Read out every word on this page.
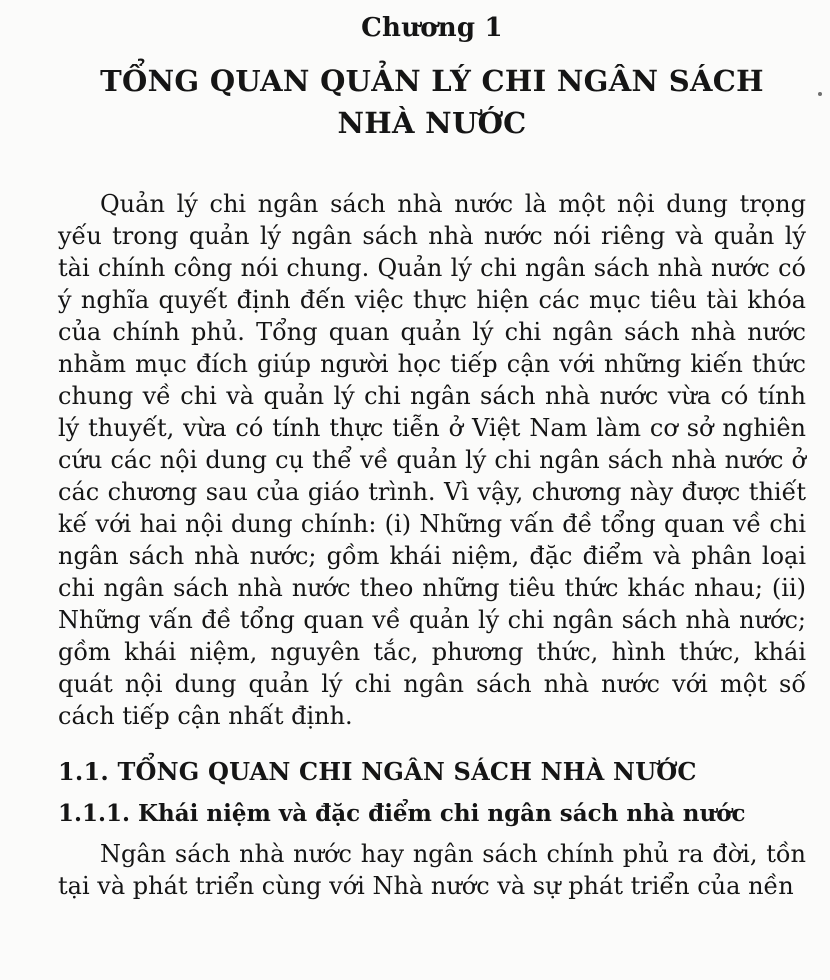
Chương 1
TỔNG QUAN QUẢN LÝ CHI NGÂN SÁCH
NHÀ NƯỚC

Quản lý chi ngân sách nhà nước là một nội dung trọng yếu trong quản lý ngân sách nhà nước nói riêng và quản lý tài chính công nói chung. Quản lý chi ngân sách nhà nước có ý nghĩa quyết định đến việc thực hiện các mục tiêu tài khóa của chính phủ. Tổng quan quản lý chi ngân sách nhà nước nhằm mục đích giúp người học tiếp cận với những kiến thức chung về chi và quản lý chi ngân sách nhà nước vừa có tính lý thuyết, vừa có tính thực tiễn ở Việt Nam làm cơ sở nghiên cứu các nội dung cụ thể về quản lý chi ngân sách nhà nước ở các chương sau của giáo trình. Vì vậy, chương này được thiết kế với hai nội dung chính: (i) Những vấn đề tổng quan về chi ngân sách nhà nước; gồm khái niệm, đặc điểm và phân loại chi ngân sách nhà nước theo những tiêu thức khác nhau; (ii) Những vấn đề tổng quan về quản lý chi ngân sách nhà nước; gồm khái niệm, nguyên tắc, phương thức, hình thức, khái quát nội dung quản lý chi ngân sách nhà nước với một số cách tiếp cận nhất định.

1.1. TỔNG QUAN CHI NGÂN SÁCH NHÀ NƯỚC
1.1.1. Khái niệm và đặc điểm chi ngân sách nhà nước

Ngân sách nhà nước hay ngân sách chính phủ ra đời, tồn tại và phát triển cùng với Nhà nước và sự phát triển của nền
